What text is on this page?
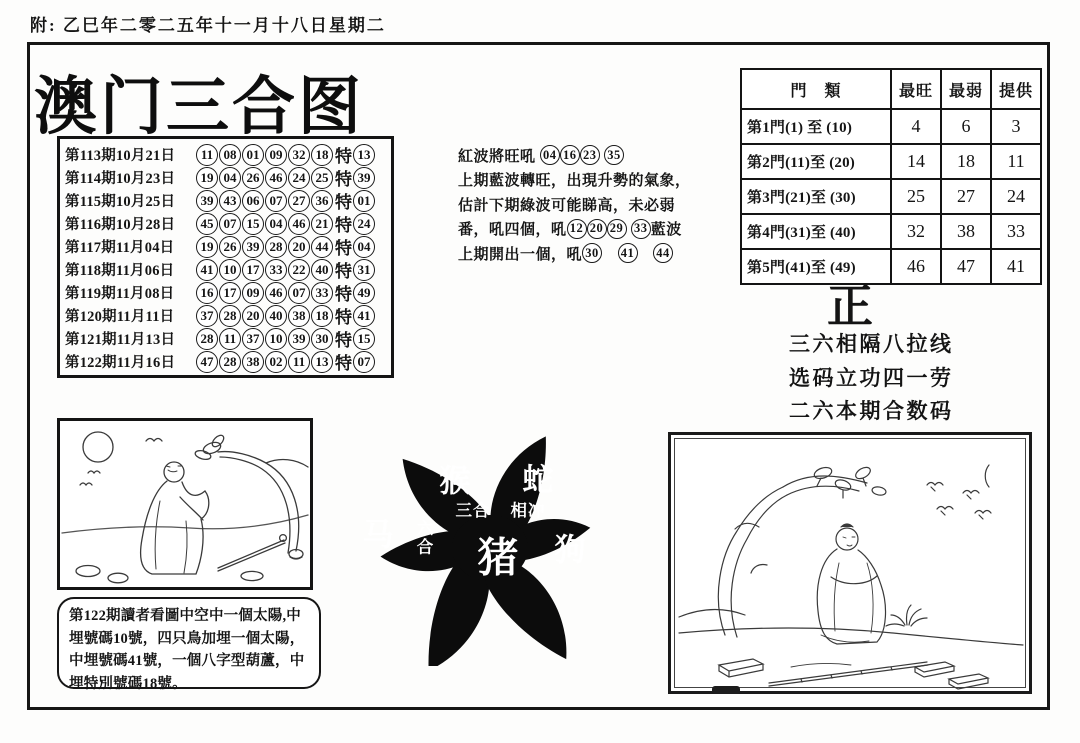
附: 乙巳年二零二五年十一月十八日星期二
澳门三合图
第113期10月21日	11 08 01 09 32 18 特 13
第114期10月23日	19 04 26 46 24 25 特 39
第115期10月25日	39 43 06 07 27 36 特 01
第116期10月28日	45 07 15 04 46 21 特 24
第117期11月04日	19 26 39 28 20 44 特 04
第118期11月06日	41 10 17 33 22 40 特 31
第119期11月08日	16 17 09 46 07 33 特 49
第120期11月11日	37 28 20 40 38 18 特 41
第121期11月13日	28 11 37 10 39 30 特 15
第122期11月16日	47 28 38 02 11 13 特 07
紅波將旺吼 04 16 23
35
上期藍波轉旺，出現升勢的氣象，
估計下期綠波可能睇高，未必弱
番，吼四個，吼 12 20 29
33 藍波
上期開出一個，吼 30
　 41
　 44
門　類	最旺	最弱	提供
第1門(1) 至 (10)	4	6	3
第2門(11)至 (20)	14	18	11
第3門(21)至 (30)	25	27	24
第4門(31)至 (40)	32	38	33
第5門(41)至 (49)	46	47	41
正
三六相隔八拉线
选码立功四一劳
二六本期合数码
第122期讀者看圖中空中一個太陽,中埋號碼10號，四只鳥加埋一個太陽，中埋號碼41號，一個八字型葫蘆，中埋特別號碼18號。
猴 蛇
三合 相冲
马 六合 猪 狗
